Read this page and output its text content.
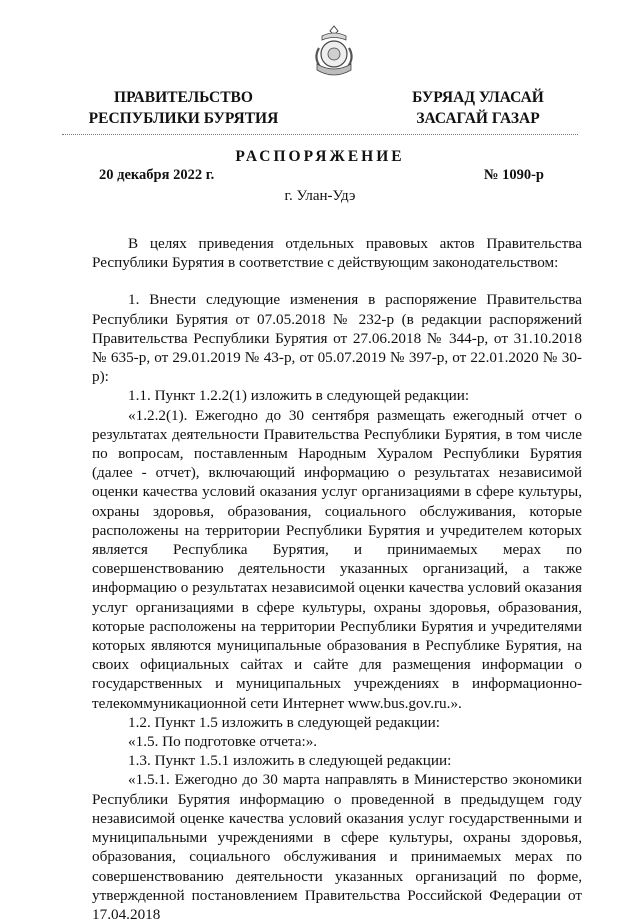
ПРАВИТЕЛЬСТВО
РЕСПУБЛИКИ БУРЯТИЯ
БУРЯАД УЛАСАЙ
ЗАСАГАЙ ГАЗАР
РАСПОРЯЖЕНИЕ
20 декабря 2022 г.	№ 1090-р
г. Улан-Удэ

В целях приведения отдельных правовых актов Правительства Республики Бурятия в соответствие с действующим законодательством:

1. Внести следующие изменения в распоряжение Правительства Республики Бурятия от 07.05.2018 № 232-р (в редакции распоряжений Правительства Республики Бурятия от 27.06.2018 № 344-р, от 31.10.2018 № 635-р, от 29.01.2019 № 43-р, от 05.07.2019 № 397-р, от 22.01.2020 № 30-р):

1.1. Пункт 1.2.2(1) изложить в следующей редакции:

«1.2.2(1). Ежегодно до 30 сентября размещать ежегодный отчет о результатах деятельности Правительства Республики Бурятия, в том числе по вопросам, поставленным Народным Хуралом Республики Бурятия (далее - отчет), включающий информацию о результатах независимой оценки качества условий оказания услуг организациями в сфере культуры, охраны здоровья, образования, социального обслуживания, которые расположены на территории Республики Бурятия и учредителем которых является Республика Бурятия, и принимаемых мерах по совершенствованию деятельности указанных организаций, а также информацию о результатах независимой оценки качества условий оказания услуг организациями в сфере культуры, охраны здоровья, образования, которые расположены на территории Республики Бурятия и учредителями которых являются муниципальные образования в Республике Бурятия, на своих официальных сайтах и сайте для размещения информации о государственных и муниципальных учреждениях в информационно-телекоммуникационной сети Интернет www.bus.gov.ru.».

1.2. Пункт 1.5 изложить в следующей редакции:

«1.5. По подготовке отчета:».

1.3. Пункт 1.5.1 изложить в следующей редакции:

«1.5.1. Ежегодно до 30 марта направлять в Министерство экономики Республики Бурятия информацию о проведенной в предыдущем году независимой оценке качества условий оказания услуг государственными и муниципальными учреждениями в сфере культуры, охраны здоровья, образования, социального обслуживания и принимаемых мерах по совершенствованию деятельности указанных организаций по форме, утвержденной постановлением Правительства Российской Федерации от 17.04.2018
